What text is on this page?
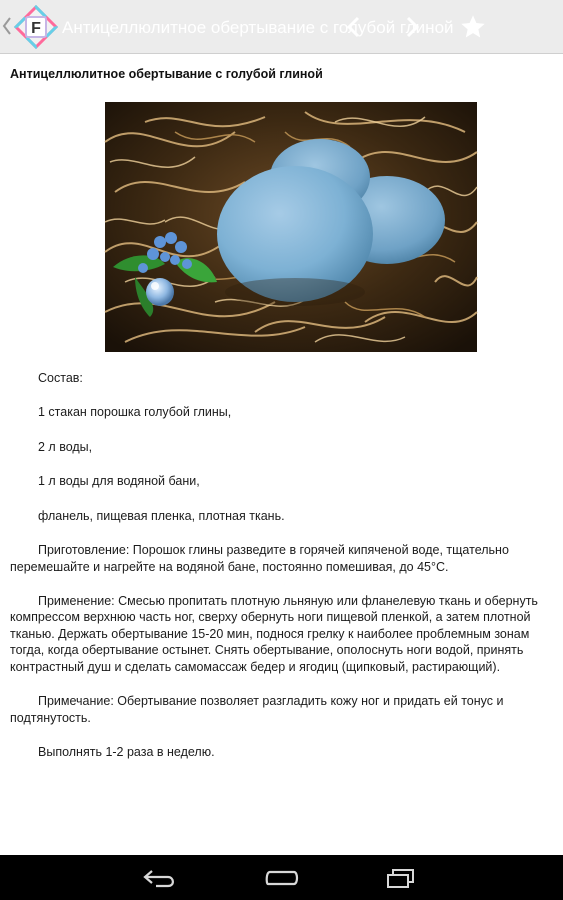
F Антицеллюлитное обертывание с голубой глиной
Антицеллюлитное обертывание с голубой глиной

Состав:

1 стакан порошка голубой глины,

2 л воды,

1 л воды для водяной бани,

фланель, пищевая пленка, плотная ткань.

Приготовление: Порошок глины разведите в горячей кипяченой воде, тщательно перемешайте и нагрейте на водяной бане, постоянно помешивая, до 45°С.

Применение: Смесью пропитать плотную льняную или фланелевую ткань и обернуть компрессом верхнюю часть ног, сверху обернуть ноги пищевой пленкой, а затем плотной тканью. Держать обертывание 15-20 мин, поднося грелку к наиболее проблемным зонам тогда, когда обертывание остынет. Снять обертывание, ополоснуть ноги водой, принять контрастный душ и сделать самомассаж бедер и ягодиц (щипковый, растирающий).

Примечание: Обертывание позволяет разгладить кожу ног и придать ей тонус и подтянутость.

Выполнять 1-2 раза в неделю.
